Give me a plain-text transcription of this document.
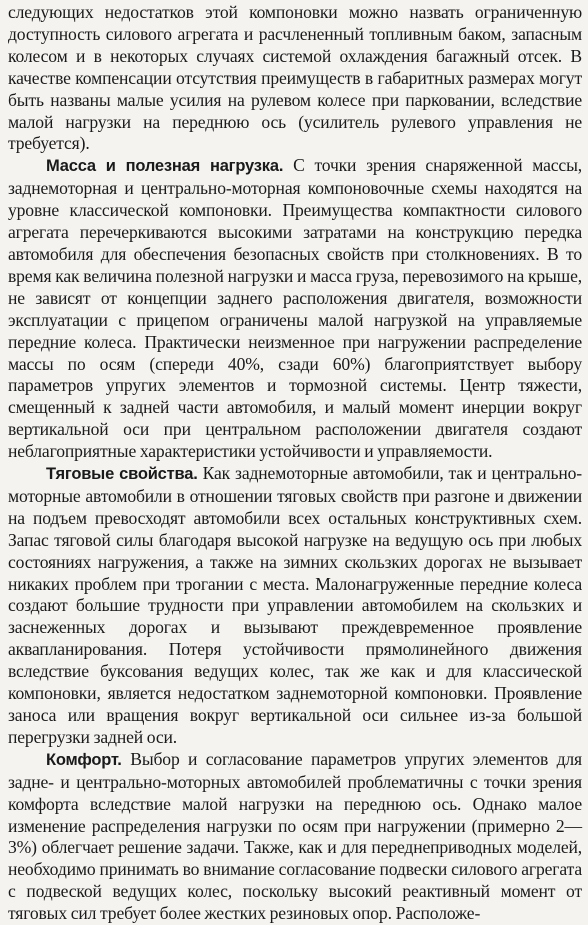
следующих недостатков этой компоновки можно назвать ограниченную доступность силового агрегата и расчлененный топливным баком, запасным колесом и в некоторых случаях системой охлаждения багажный отсек. В качестве компенсации отсутствия преимуществ в габаритных размерах могут быть названы малые усилия на рулевом колесе при парковании, вследствие малой нагрузки на переднюю ось (усилитель рулевого управления не требуется).

Масса и полезная нагрузка. С точки зрения снаряженной массы, заднемоторная и центрально-моторная компоновочные схемы находятся на уровне классической компоновки. Преимущества компактности силового агрегата перечеркиваются высокими затратами на конструкцию передка автомобиля для обеспечения безопасных свойств при столкновениях. В то время как величина полезной нагрузки и масса груза, перевозимого на крыше, не зависят от концепции заднего расположения двигателя, возможности эксплуатации с прицепом ограничены малой нагрузкой на управляемые передние колеса. Практически неизменное при нагружении распределение массы по осям (спереди 40%, сзади 60%) благоприятствует выбору параметров упругих элементов и тормозной системы. Центр тяжести, смещенный к задней части автомобиля, и малый момент инерции вокруг вертикальной оси при центральном расположении двигателя создают неблагоприятные характеристики устойчивости и управляемости.

Тяговые свойства. Как заднемоторные автомобили, так и центрально-моторные автомобили в отношении тяговых свойств при разгоне и движении на подъем превосходят автомобили всех остальных конструктивных схем. Запас тяговой силы благодаря высокой нагрузке на ведущую ось при любых состояниях нагружения, а также на зимних скользких дорогах не вызывает никаких проблем при трогании с места. Малонагруженные передние колеса создают большие трудности при управлении автомобилем на скользких и заснеженных дорогах и вызывают преждевременное проявление аквапланирования. Потеря устойчивости прямолинейного движения вследствие буксования ведущих колес, так же как и для классической компоновки, является недостатком заднемоторной компоновки. Проявление заноса или вращения вокруг вертикальной оси сильнее из-за большой перегрузки задней оси.

Комфорт. Выбор и согласование параметров упругих элементов для задне- и центрально-моторных автомобилей проблематичны с точки зрения комфорта вследствие малой нагрузки на переднюю ось. Однако малое изменение распределения нагрузки по осям при нагружении (примерно 2—3%) облегчает решение задачи. Также, как и для переднеприводных моделей, необходимо принимать во внимание согласование подвески силового агрегата с подвеской ведущих колес, поскольку высокий реактивный момент от тяговых сил требует более жестких резиновых опор. Расположе-
